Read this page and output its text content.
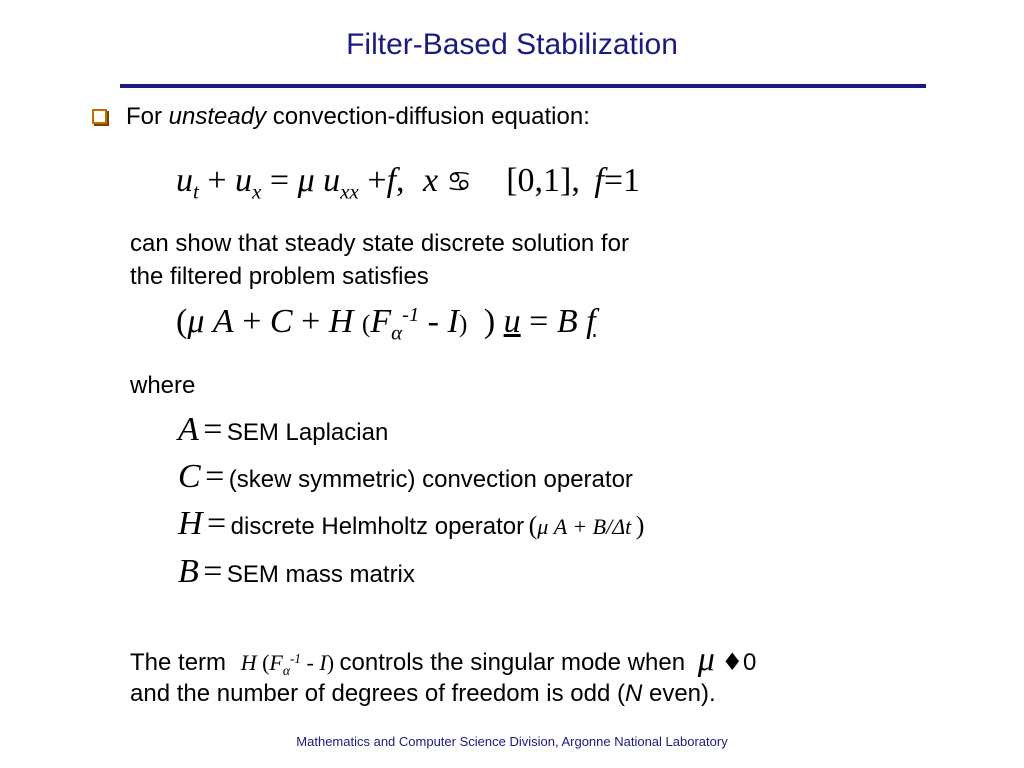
Filter-Based Stabilization
For unsteady convection-diffusion equation:
$u_t + u_x = \mu$ $u_{xx} +f$, x ♋ [0,1], f=1
can show that steady state discrete solution for
the filtered problem satisfies
(μ A + C + H $(F_\alpha^{-1} - I)$ ) u = B f
where
A = SEM Laplacian
C = (skew symmetric) convection operator
H = discrete Helmholtz operator (μ A + B/Δt )
B = SEM mass matrix
The term H $(F_\alpha^{-1} - I)$ controls the singular mode when μ ♦0
and the number of degrees of freedom is odd (N even).
Mathematics and Computer Science Division, Argonne National Laboratory
